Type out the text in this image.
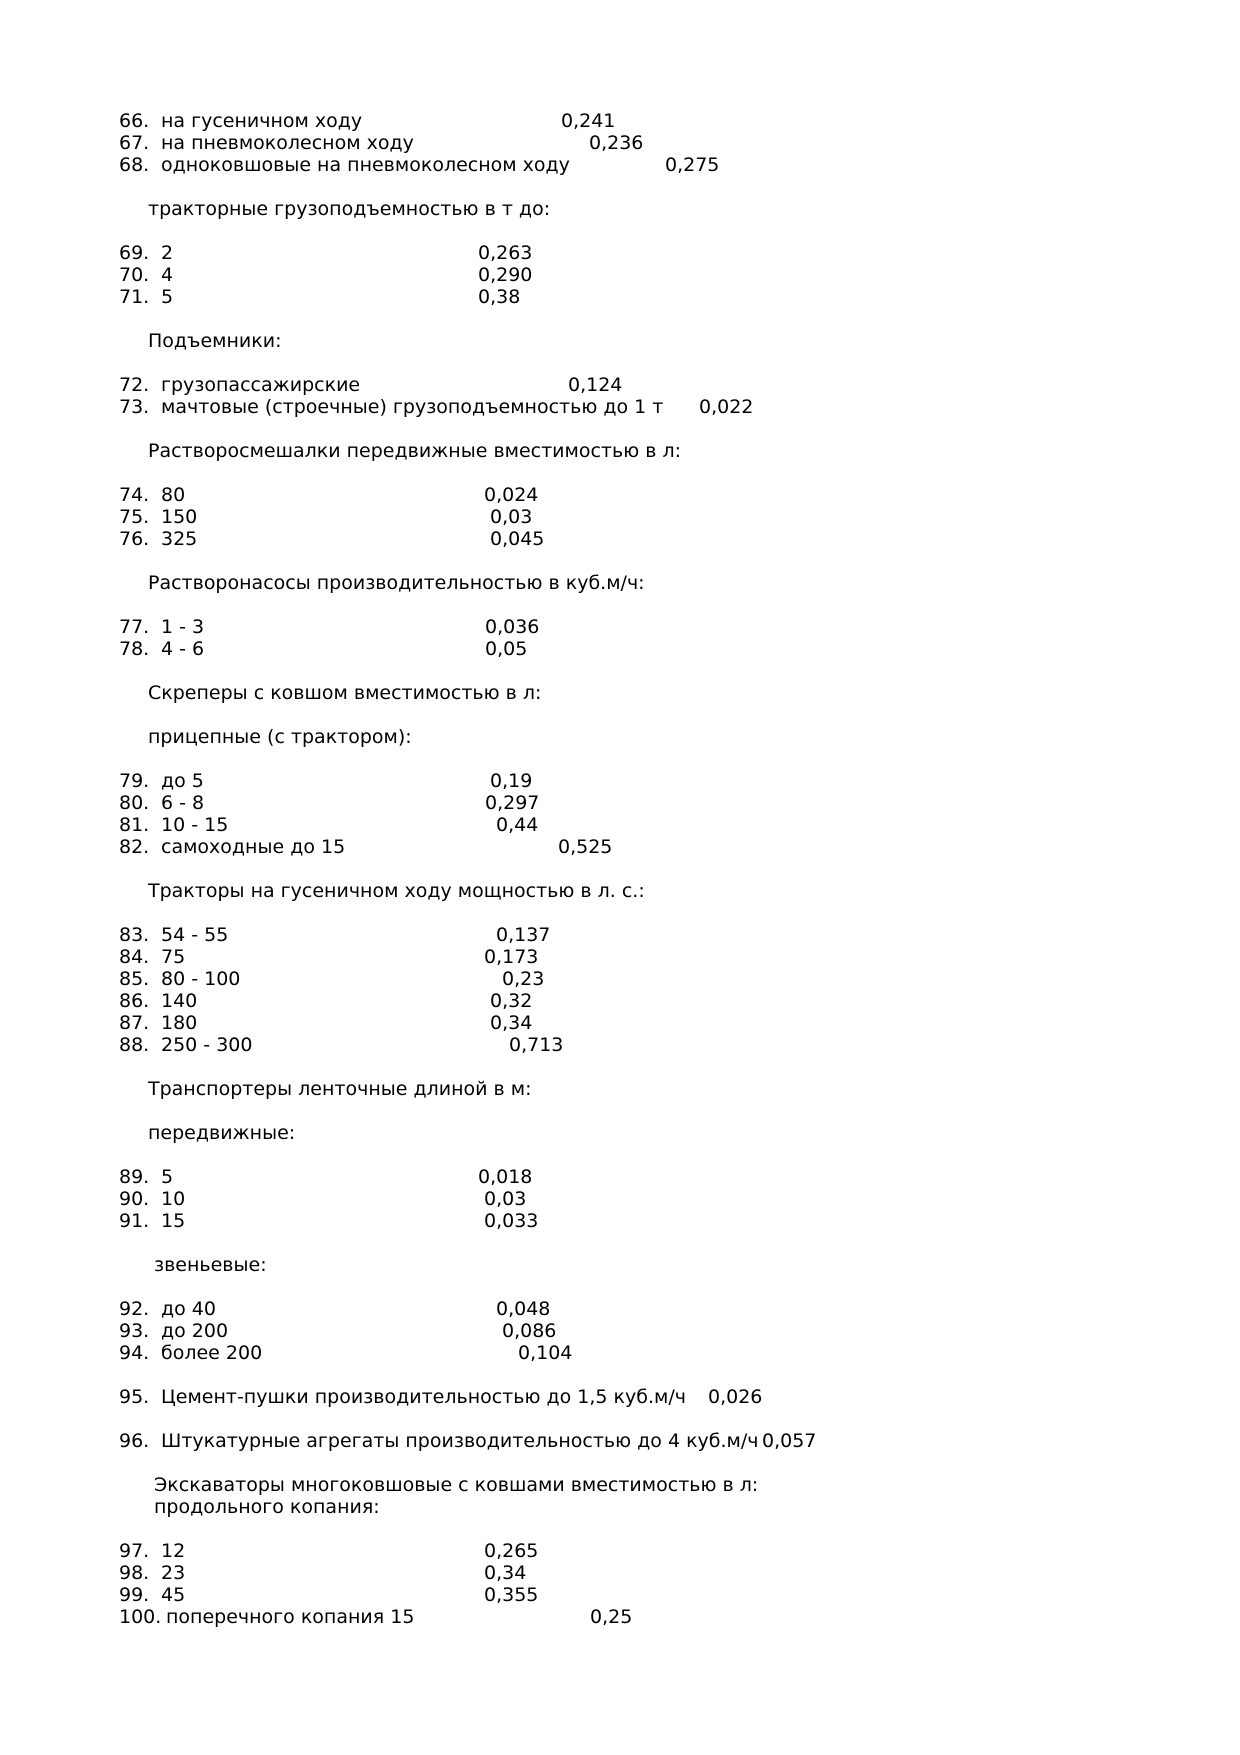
66. на гусеничном ходу	0,241
67. на пневмоколесном ходу	0,236
68. одноковшовые на пневмоколесном ходу	0,275
тракторные грузоподъемностью в т до:
69. 2	0,263
70. 4	0,290
71. 5	0,38
Подъемники:
72. грузопассажирские	0,124
73. мачтовые (строечные) грузоподъемностью до 1 т 0,022
Растворосмешалки передвижные вместимостью в л:
74. 80	0,024
75. 150	0,03
76. 325	0,045
Растворонасосы производительностью в куб.м/ч:
77. 1 - 3	0,036
78. 4 - 6	0,05
Скреперы с ковшом вместимостью в л:
прицепные (с трактором):
79. до 5	0,19
80. 6 - 8	0,297
81. 10 - 15	0,44
82. самоходные до 15	0,525
Тракторы на гусеничном ходу мощностью в л. с.:
83. 54 - 55	0,137
84. 75	0,173
85. 80 - 100	0,23
86. 140	0,32
87. 180	0,34
88. 250 - 300	0,713
Транспортеры ленточные длиной в м:
передвижные:
89. 5	0,018
90. 10	0,03
91. 15	0,033
звеньевые:
92. до 40	0,048
93. до 200	0,086
94. более 200	0,104
95. Цемент-пушки производительностью до 1,5 куб.м/ч 0,026
96. Штукатурные агрегаты производительностью до 4 куб.м/ч 0,057
Экскаваторы многоковшовые с ковшами вместимостью в л:
продольного копания:
97. 12	0,265
98. 23	0,34
99. 45	0,355
100. поперечного копания 15	0,25
